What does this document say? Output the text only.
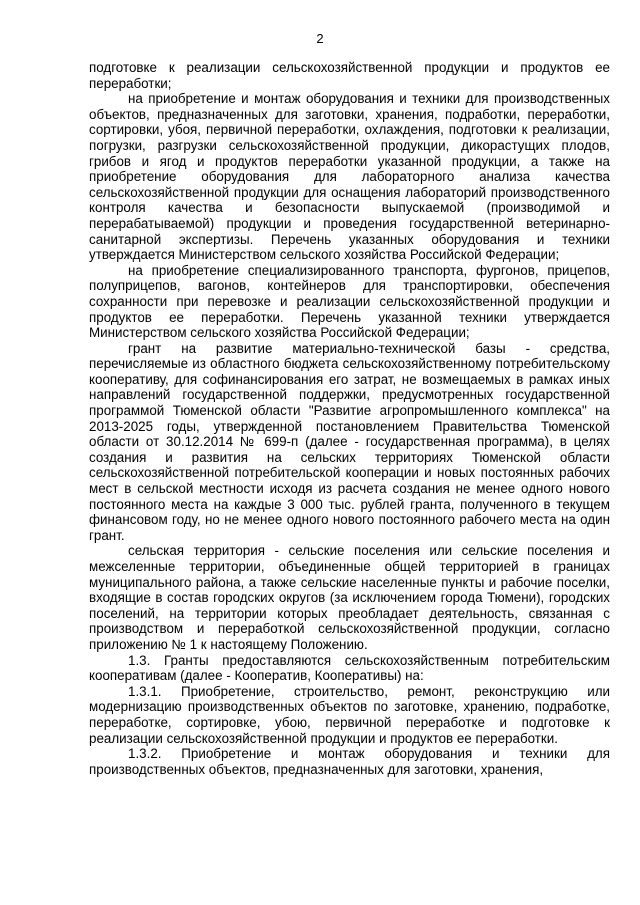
2

подготовке к реализации сельскохозяйственной продукции и продуктов ее переработки;

на приобретение и монтаж оборудования и техники для производственных объектов, предназначенных для заготовки, хранения, подработки, переработки, сортировки, убоя, первичной переработки, охлаждения, подготовки к реализации, погрузки, разгрузки сельскохозяйственной продукции, дикорастущих плодов, грибов и ягод и продуктов переработки указанной продукции, а также на приобретение оборудования для лабораторного анализа качества сельскохозяйственной продукции для оснащения лабораторий производственного контроля качества и безопасности выпускаемой (производимой и перерабатываемой) продукции и проведения государственной ветеринарно-санитарной экспертизы. Перечень указанных оборудования и техники утверждается Министерством сельского хозяйства Российской Федерации;

на приобретение специализированного транспорта, фургонов, прицепов, полуприцепов, вагонов, контейнеров для транспортировки, обеспечения сохранности при перевозке и реализации сельскохозяйственной продукции и продуктов ее переработки. Перечень указанной техники утверждается Министерством сельского хозяйства Российской Федерации;

грант на развитие материально-технической базы - средства, перечисляемые из областного бюджета сельскохозяйственному потребительскому кооперативу, для софинансирования его затрат, не возмещаемых в рамках иных направлений государственной поддержки, предусмотренных государственной программой Тюменской области "Развитие агропромышленного комплекса" на 2013-2025 годы, утвержденной постановлением Правительства Тюменской области от 30.12.2014 № 699-п (далее - государственная программа), в целях создания и развития на сельских территориях Тюменской области сельскохозяйственной потребительской кооперации и новых постоянных рабочих мест в сельской местности исходя из расчета создания не менее одного нового постоянного места на каждые 3 000 тыс. рублей гранта, полученного в текущем финансовом году, но не менее одного нового постоянного рабочего места на один грант.

сельская территория - сельские поселения или сельские поселения и межселенные территории, объединенные общей территорией в границах муниципального района, а также сельские населенные пункты и рабочие поселки, входящие в состав городских округов (за исключением города Тюмени), городских поселений, на территории которых преобладает деятельность, связанная с производством и переработкой сельскохозяйственной продукции, согласно приложению № 1 к настоящему Положению.

1.3. Гранты предоставляются сельскохозяйственным потребительским кооперативам (далее - Кооператив, Кооперативы) на:

1.3.1. Приобретение, строительство, ремонт, реконструкцию или модернизацию производственных объектов по заготовке, хранению, подработке, переработке, сортировке, убою, первичной переработке и подготовке к реализации сельскохозяйственной продукции и продуктов ее переработки.

1.3.2. Приобретение и монтаж оборудования и техники для производственных объектов, предназначенных для заготовки, хранения,
